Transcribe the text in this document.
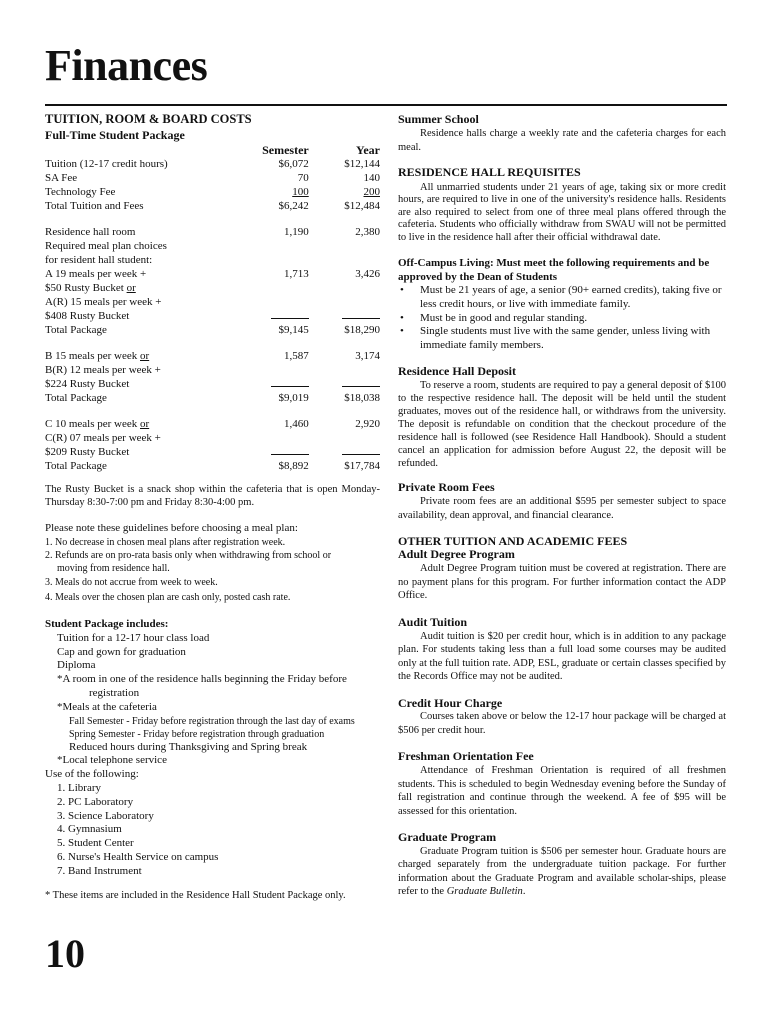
Finances

TUITION, ROOM & BOARD COSTS

Full-Time Student Package

	Semester	Year
Tuition (12-17 credit hours)	$6,072	$12,144
SA Fee	70	140
Technology Fee	100	200
Total Tuition and Fees	$6,242	$12,484

Residence hall room	1,190	2,380
Required meal plan choices		
for resident hall student:		
A 19 meals per week +	1,713	3,426
$50 Rusty Bucket or		
A(R) 15 meals per week +		
$408 Rusty Bucket		
Total Package	$9,145	$18,290

B 15 meals per week or	1,587	3,174
B(R) 12 meals per week +		
$224 Rusty Bucket		
Total Package	$9,019	$18,038

C 10 meals per week or	1,460	2,920
C(R) 07 meals per week +		
$209 Rusty Bucket		
Total Package	$8,892	$17,784

The Rusty Bucket is a snack shop within the cafeteria that is open Monday-Thursday 8:30-7:00 pm and Friday 8:30-4:00 pm.

Please note these guidelines before choosing a meal plan:

1. No decrease in chosen meal plans after registration week.
2. Refunds are on pro-rata basis only when withdrawing from school or
moving from residence hall.
3. Meals do not accrue from week to week.
4. Meals over the chosen plan are cash only, posted cash rate.

Student Package includes:

Tuition for a 12-17 hour class load
Cap and gown for graduation
Diploma
*A room in one of the residence halls beginning the Friday before
registration
*Meals at the cafeteria
Fall Semester - Friday before registration through the last day of exams
Spring Semester - Friday before registration through graduation
Reduced hours during Thanksgiving and Spring break
*Local telephone service

Use of the following:

1. Library
2. PC Laboratory
3. Science Laboratory
4. Gymnasium
5. Student Center
6. Nurse's Health Service on campus
7. Band Instrument

* These items are included in the Residence Hall Student Package only.

Summer School

Residence halls charge a weekly rate and the cafeteria charges for each meal.

RESIDENCE HALL REQUISITES

All unmarried students under 21 years of age, taking six or more credit hours, are required to live in one of the university's residence halls. Residents are also required to select from one of three meal plans offered through the cafeteria. Students who officially withdraw from SWAU will not be permitted to live in the residence hall after their official withdrawal date.

Off-Campus Living: Must meet the following requirements and be approved by the Dean of Students

• Must be 21 years of age, a senior (90+ earned credits), taking five or less credit hours, or live with immediate family.
• Must be in good and regular standing.
• Single students must live with the same gender, unless living with immediate family members.

Residence Hall Deposit

To reserve a room, students are required to pay a general deposit of $100 to the respective residence hall. The deposit will be held until the student graduates, moves out of the residence hall, or withdraws from the university. The deposit is refundable on condition that the checkout procedure of the residence hall is followed (see Residence Hall Handbook). Should a student cancel an application for admission before August 22, the deposit will be refunded.

Private Room Fees

Private room fees are an additional $595 per semester subject to space availability, dean approval, and financial clearance.

OTHER TUITION AND ACADEMIC FEES

Adult Degree Program

Adult Degree Program tuition must be covered at registration. There are no payment plans for this program. For further information contact the ADP Office.

Audit Tuition

Audit tuition is $20 per credit hour, which is in addition to any package plan. For students taking less than a full load some courses may be audited only at the full tuition rate. ADP, ESL, graduate or certain classes specified by the Records Office may not be audited.

Credit Hour Charge

Courses taken above or below the 12-17 hour package will be charged at $506 per credit hour.

Freshman Orientation Fee

Attendance of Freshman Orientation is required of all freshmen students. This is scheduled to begin Wednesday evening before the Sunday of fall registration and continue through the weekend. A fee of $95 will be assessed for this orientation.

Graduate Program

Graduate Program tuition is $506 per semester hour. Graduate hours are charged separately from the undergraduate tuition package. For further information about the Graduate Program and available scholar-ships, please refer to the Graduate Bulletin.

10
